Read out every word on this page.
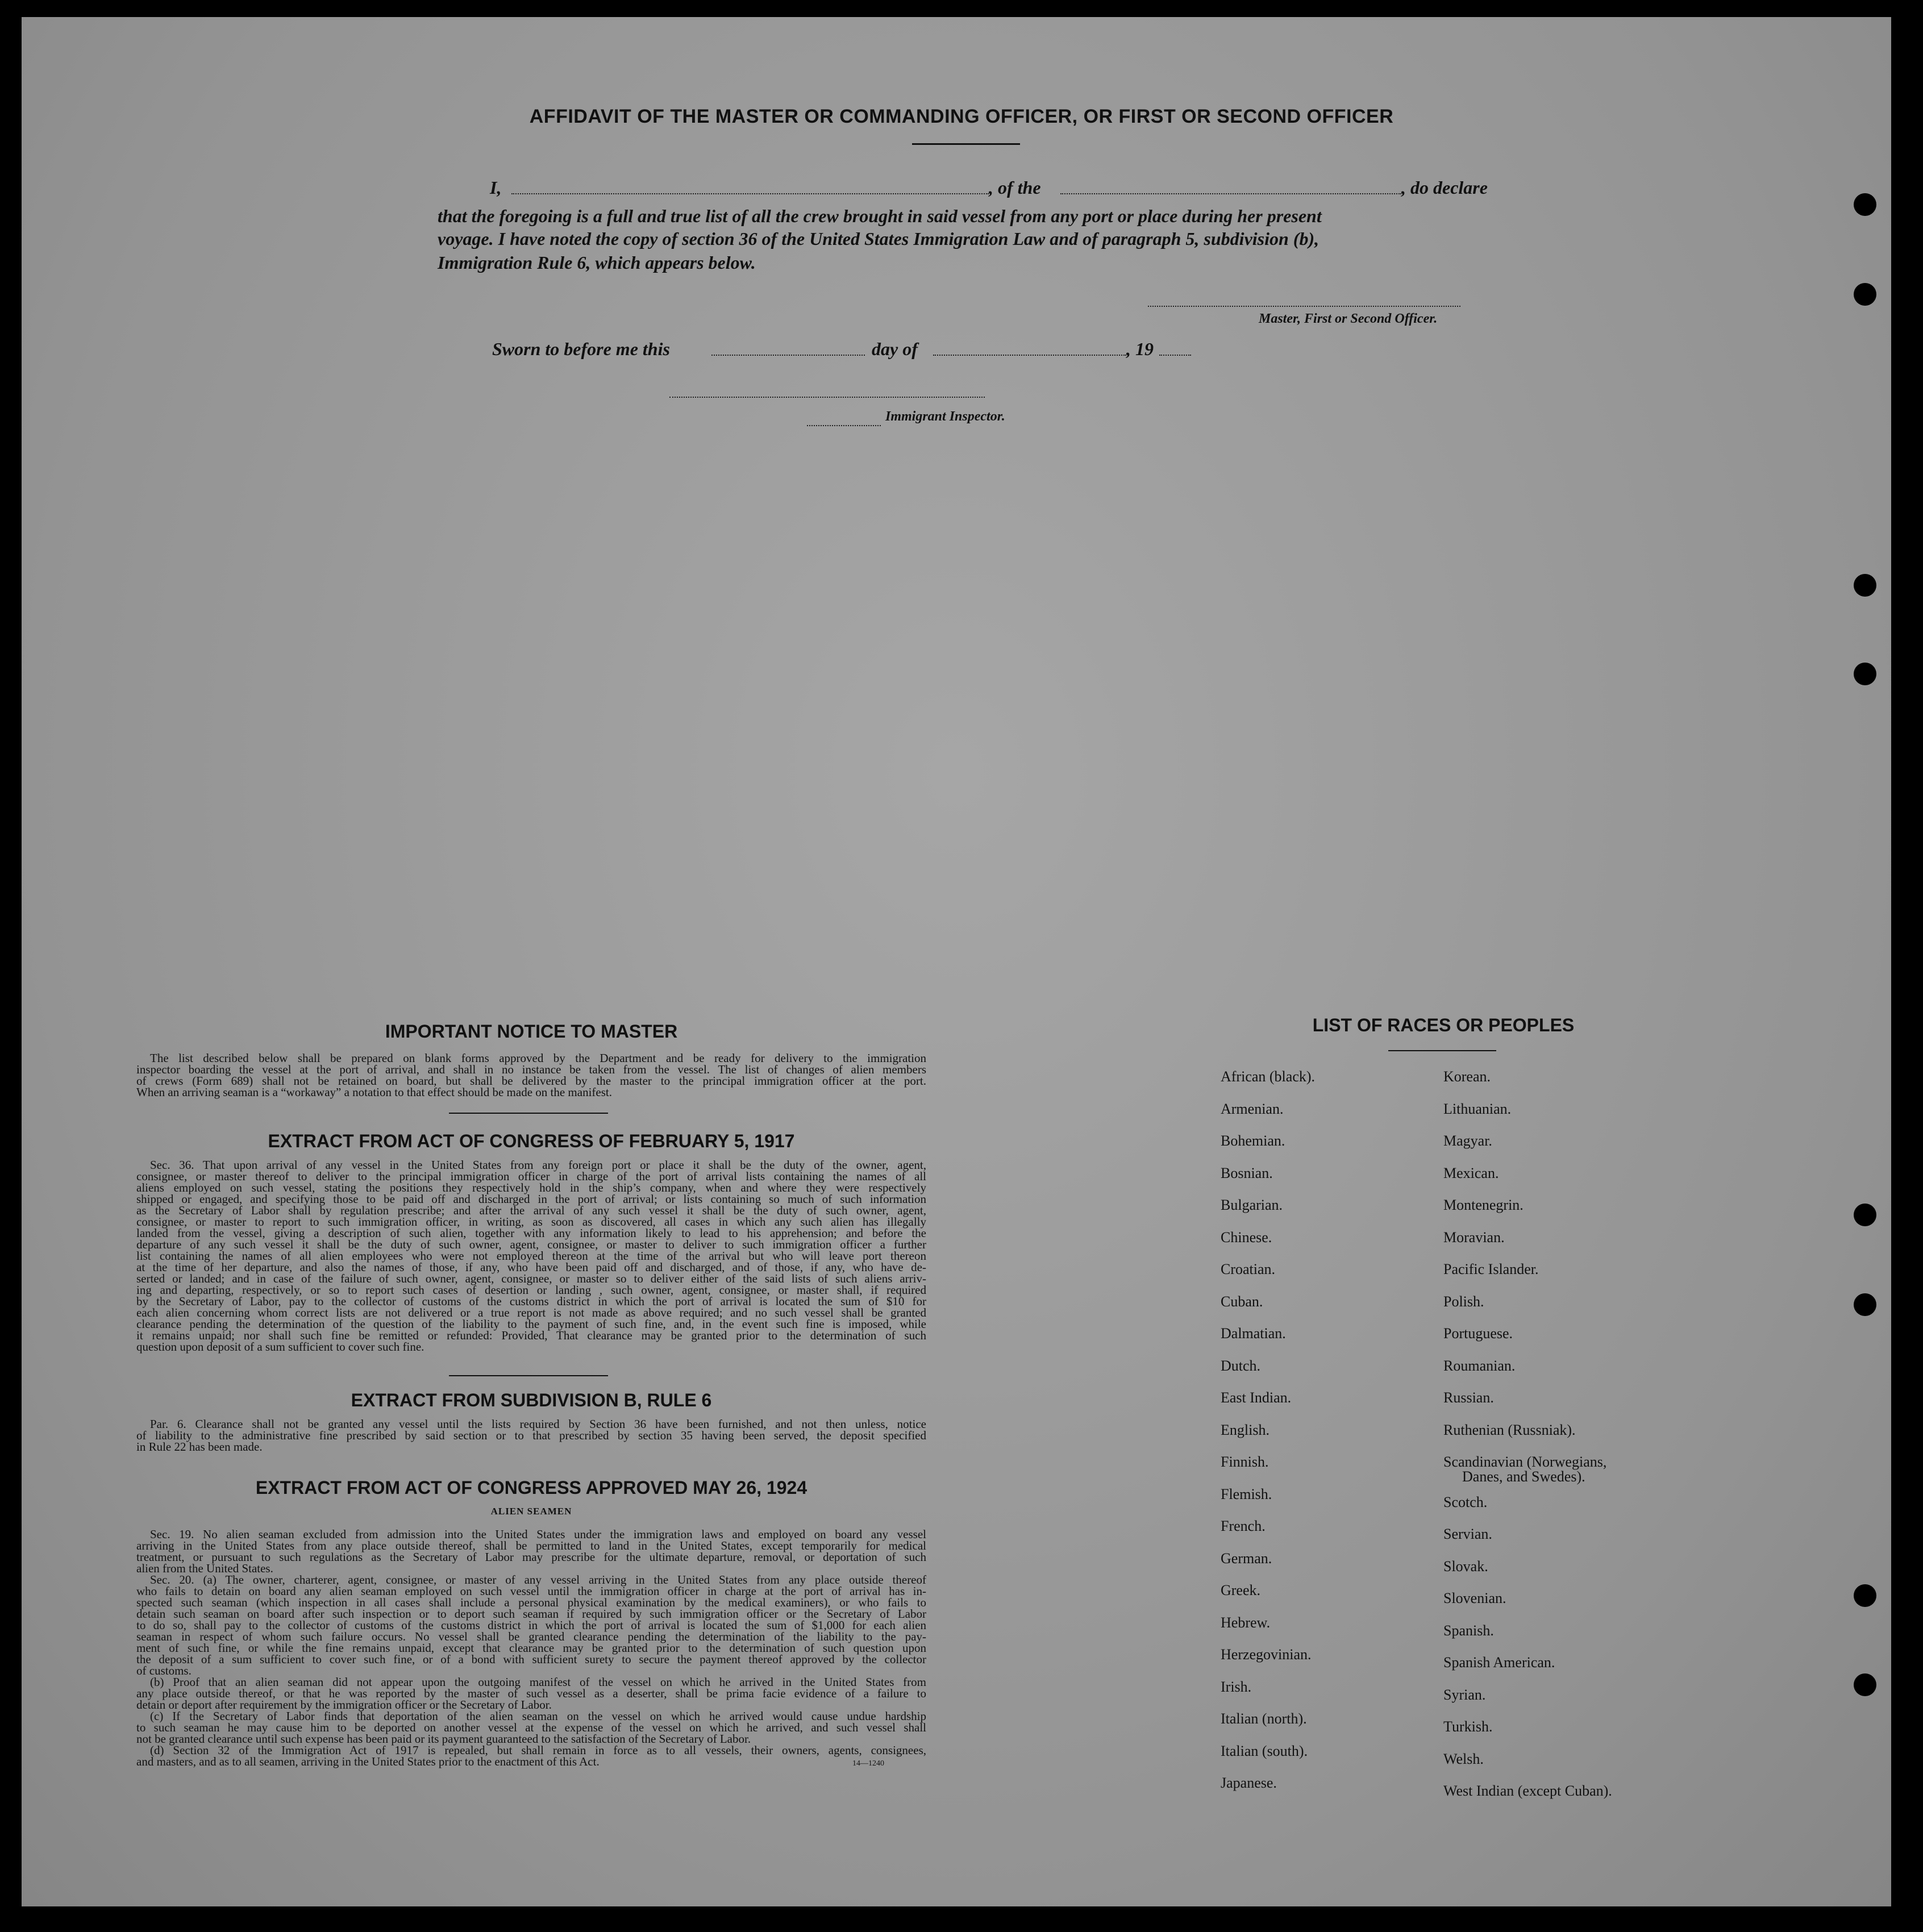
AFFIDAVIT OF THE MASTER OR COMMANDING OFFICER, OR FIRST OR SECOND OFFICER
I,	, of the	, do declare
that the foregoing is a full and true list of all the crew brought in said vessel from any port or place during her present
voyage. I have noted the copy of section 36 of the United States Immigration Law and of paragraph 5, subdivision (b),
Immigration Rule 6, which appears below.
Master, First or Second Officer.
Sworn to before me this	day of	, 19
Immigrant Inspector.
IMPORTANT NOTICE TO MASTER
The list described below shall be prepared on blank forms approved by the Department and be ready for delivery to the immigration
inspector boarding the vessel at the port of arrival, and shall in no instance be taken from the vessel. The list of changes of alien members
of crews (Form 689) shall not be retained on board, but shall be delivered by the master to the principal immigration officer at the port.
When an arriving seaman is a “workaway” a notation to that effect should be made on the manifest.
EXTRACT FROM ACT OF CONGRESS OF FEBRUARY 5, 1917
Sec. 36. That upon arrival of any vessel in the United States from any foreign port or place it shall be the duty of the owner, agent,
consignee, or master thereof to deliver to the principal immigration officer in charge of the port of arrival lists containing the names of all
aliens employed on such vessel, stating the positions they respectively hold in the ship’s company, when and where they were respectively
shipped or engaged, and specifying those to be paid off and discharged in the port of arrival; or lists containing so much of such information
as the Secretary of Labor shall by regulation prescribe; and after the arrival of any such vessel it shall be the duty of such owner, agent,
consignee, or master to report to such immigration officer, in writing, as soon as discovered, all cases in which any such alien has illegally
landed from the vessel, giving a description of such alien, together with any information likely to lead to his apprehension; and before the
departure of any such vessel it shall be the duty of such owner, agent, consignee, or master to deliver to such immigration officer a further
list containing the names of all alien employees who were not employed thereon at the time of the arrival but who will leave port thereon
at the time of her departure, and also the names of those, if any, who have been paid off and discharged, and of those, if any, who have de-
serted or landed; and in case of the failure of such owner, agent, consignee, or master so to deliver either of the said lists of such aliens arriv-
ing and departing, respectively, or so to report such cases of desertion or landing , such owner, agent, consignee, or master shall, if required
by the Secretary of Labor, pay to the collector of customs of the customs district in which the port of arrival is located the sum of $10 for
each alien concerning whom correct lists are not delivered or a true report is not made as above required; and no such vessel shall be granted
clearance pending the determination of the question of the liability to the payment of such fine, and, in the event such fine is imposed, while
it remains unpaid; nor shall such fine be remitted or refunded: Provided, That clearance may be granted prior to the determination of such
question upon deposit of a sum sufficient to cover such fine.
EXTRACT FROM SUBDIVISION B, RULE 6
Par. 6. Clearance shall not be granted any vessel until the lists required by Section 36 have been furnished, and not then unless, notice
of liability to the administrative fine prescribed by said section or to that prescribed by section 35 having been served, the deposit specified
in Rule 22 has been made.
EXTRACT FROM ACT OF CONGRESS APPROVED MAY 26, 1924
ALIEN SEAMEN
Sec. 19. No alien seaman excluded from admission into the United States under the immigration laws and employed on board any vessel
arriving in the United States from any place outside thereof, shall be permitted to land in the United States, except temporarily for medical
treatment, or pursuant to such regulations as the Secretary of Labor may prescribe for the ultimate departure, removal, or deportation of such
alien from the United States.
Sec. 20. (a) The owner, charterer, agent, consignee, or master of any vessel arriving in the United States from any place outside thereof
who fails to detain on board any alien seaman employed on such vessel until the immigration officer in charge at the port of arrival has in-
spected such seaman (which inspection in all cases shall include a personal physical examination by the medical examiners), or who fails to
detain such seaman on board after such inspection or to deport such seaman if required by such immigration officer or the Secretary of Labor
to do so, shall pay to the collector of customs of the customs district in which the port of arrival is located the sum of $1,000 for each alien
seaman in respect of whom such failure occurs. No vessel shall be granted clearance pending the determination of the liability to the pay-
ment of such fine, or while the fine remains unpaid, except that clearance may be granted prior to the determination of such question upon
the deposit of a sum sufficient to cover such fine, or of a bond with sufficient surety to secure the payment thereof approved by the collector
of customs.
(b) Proof that an alien seaman did not appear upon the outgoing manifest of the vessel on which he arrived in the United States from
any place outside thereof, or that he was reported by the master of such vessel as a deserter, shall be prima facie evidence of a failure to
detain or deport after requirement by the immigration officer or the Secretary of Labor.
(c) If the Secretary of Labor finds that deportation of the alien seaman on the vessel on which he arrived would cause undue hardship
to such seaman he may cause him to be deported on another vessel at the expense of the vessel on which he arrived, and such vessel shall
not be granted clearance until such expense has been paid or its payment guaranteed to the satisfaction of the Secretary of Labor.
(d) Section 32 of the Immigration Act of 1917 is repealed, but shall remain in force as to all vessels, their owners, agents, consignees,
and masters, and as to all seamen, arriving in the United States prior to the enactment of this Act.	14—1240
LIST OF RACES OR PEOPLES
African (black).
Armenian.
Bohemian.
Bosnian.
Bulgarian.
Chinese.
Croatian.
Cuban.
Dalmatian.
Dutch.
East Indian.
English.
Finnish.
Flemish.
French.
German.
Greek.
Hebrew.
Herzegovinian.
Irish.
Italian (north).
Italian (south).
Japanese.
Korean.
Lithuanian.
Magyar.
Mexican.
Montenegrin.
Moravian.
Pacific Islander.
Polish.
Portuguese.
Roumanian.
Russian.
Ruthenian (Russniak).
Scandinavian (Norwegians,
Danes, and Swedes).
Scotch.
Servian.
Slovak.
Slovenian.
Spanish.
Spanish American.
Syrian.
Turkish.
Welsh.
West Indian (except Cuban).
